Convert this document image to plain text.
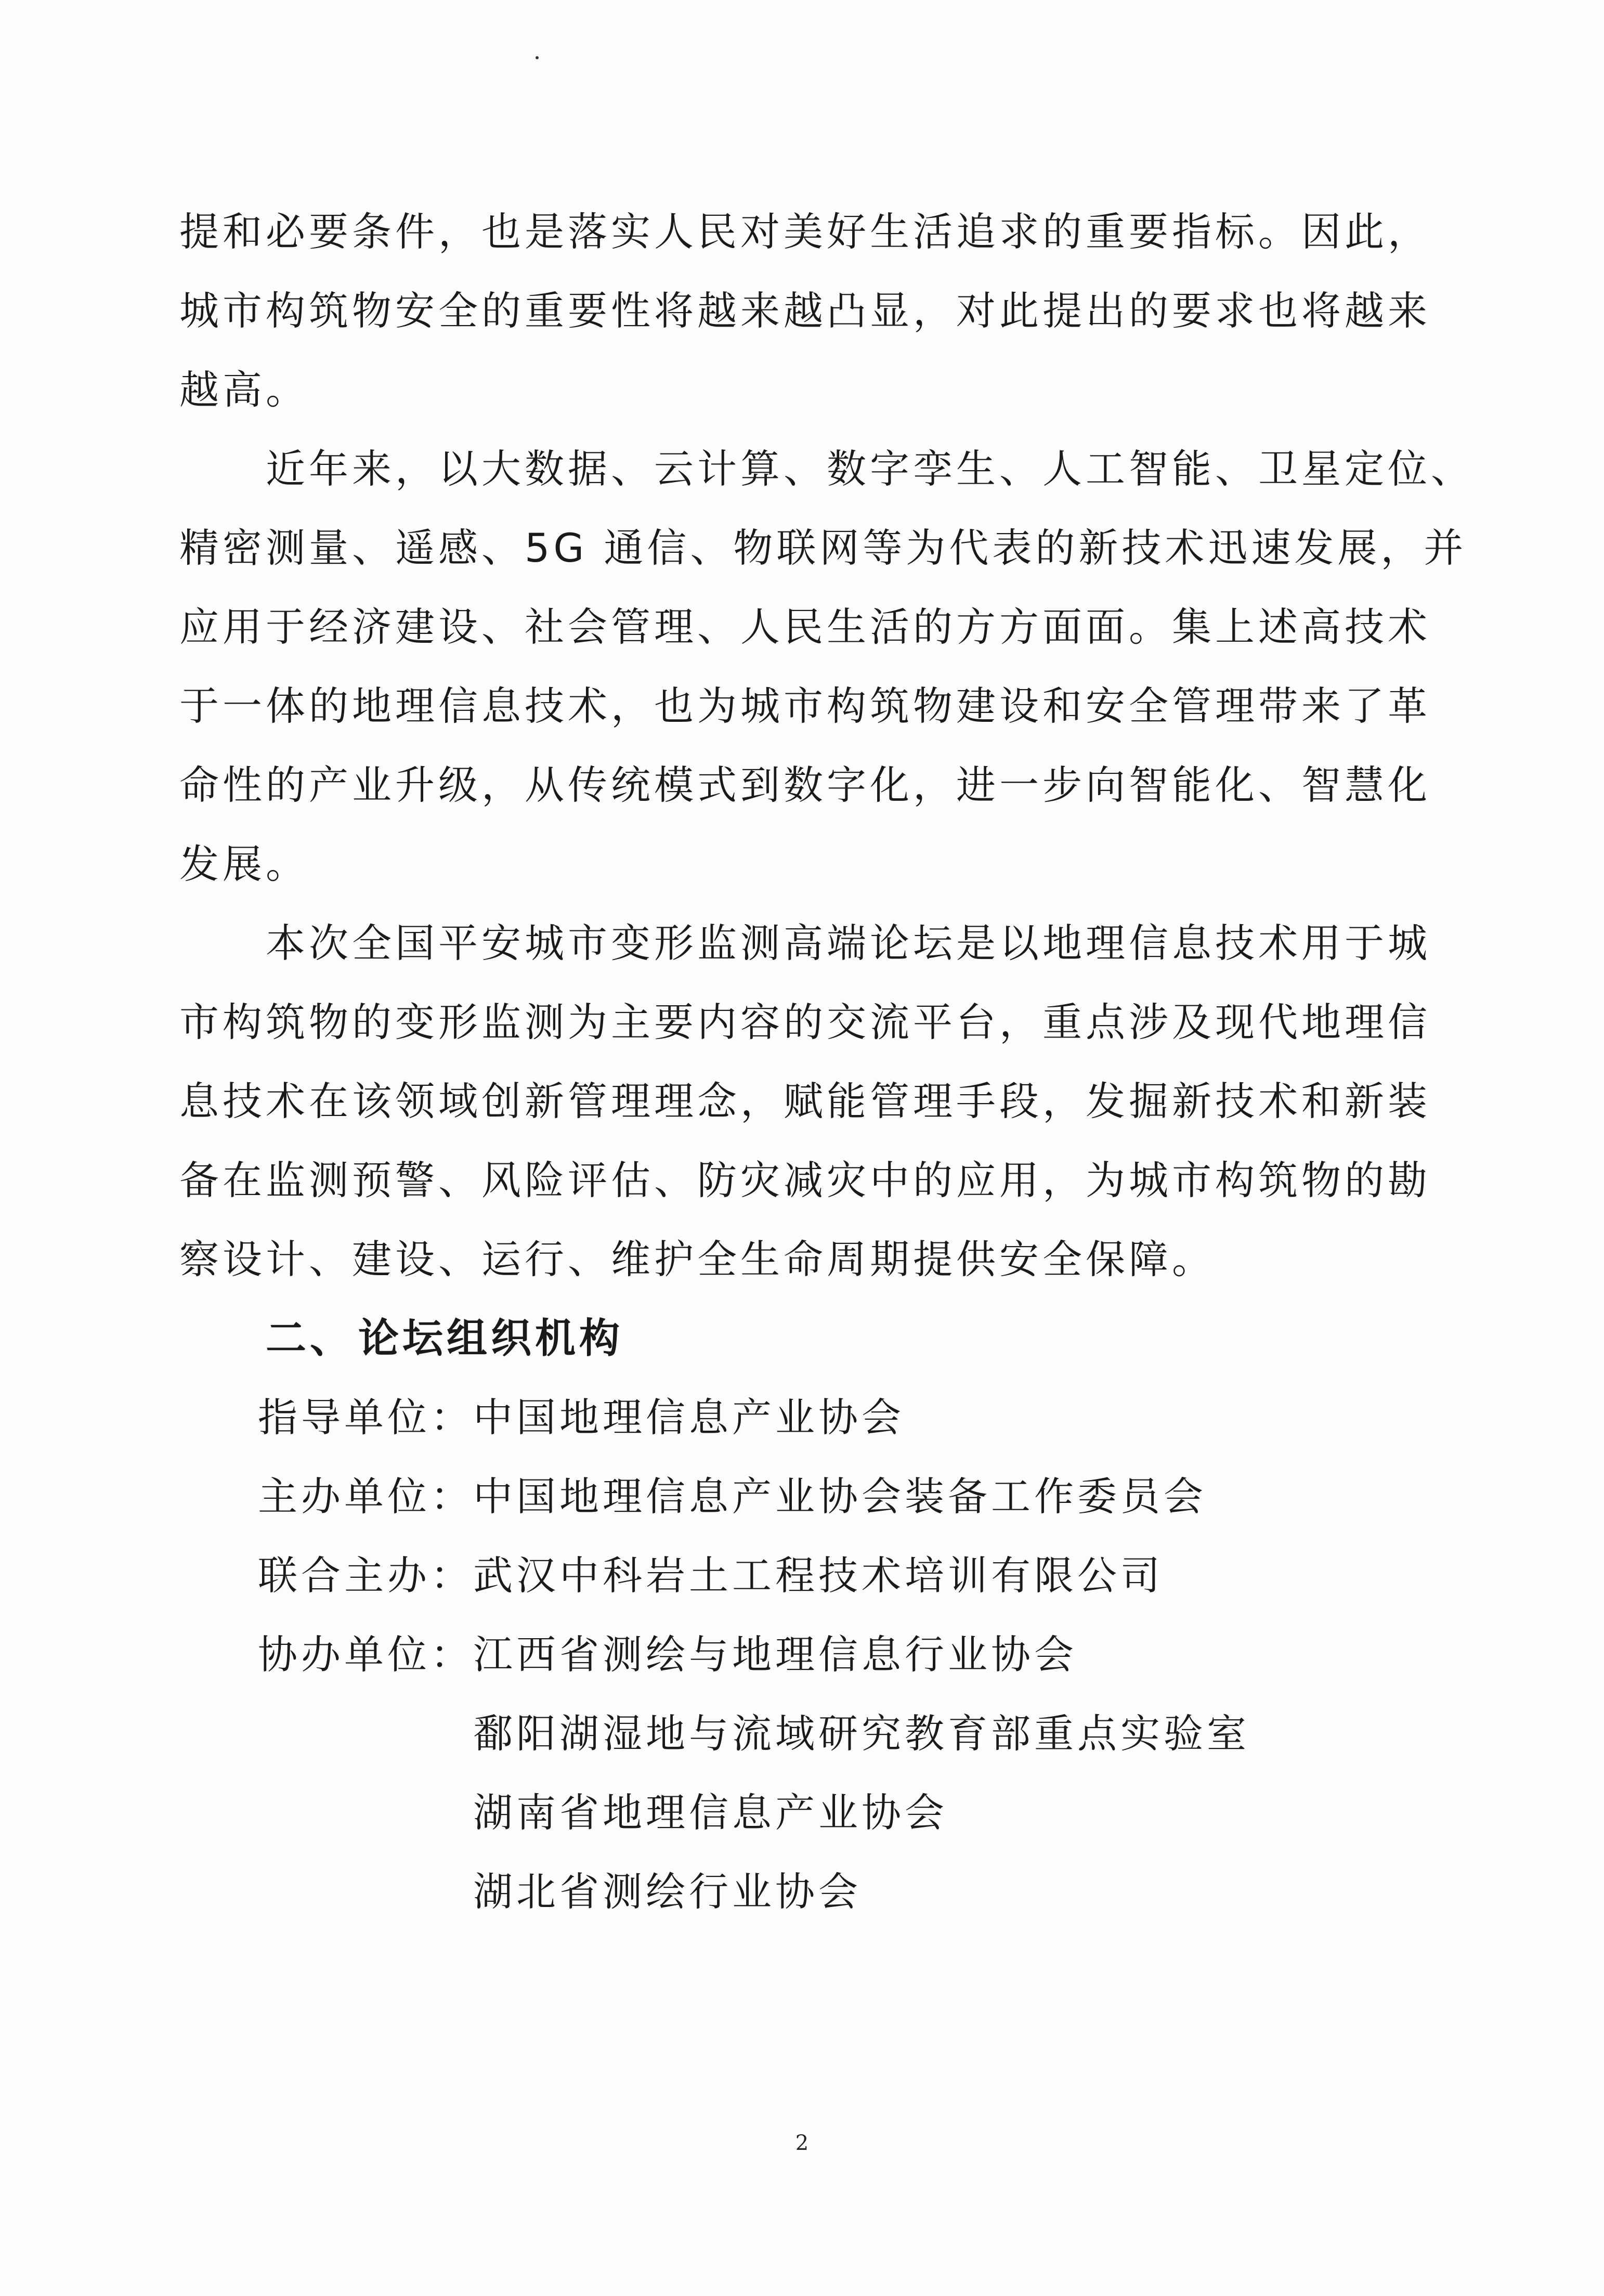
提和必要条件，也是落实人民对美好生活追求的重要指标。因此，
城市构筑物安全的重要性将越来越凸显，对此提出的要求也将越来
越高。
近年来，以大数据、云计算、数字孪生、人工智能、卫星定位、
精密测量、遥感、5G 通信、物联网等为代表的新技术迅速发展，并
应用于经济建设、社会管理、人民生活的方方面面。集上述高技术
于一体的地理信息技术，也为城市构筑物建设和安全管理带来了革
命性的产业升级，从传统模式到数字化，进一步向智能化、智慧化
发展。
本次全国平安城市变形监测高端论坛是以地理信息技术用于城
市构筑物的变形监测为主要内容的交流平台，重点涉及现代地理信
息技术在该领域创新管理理念，赋能管理手段，发掘新技术和新装
备在监测预警、风险评估、防灾减灾中的应用，为城市构筑物的勘
察设计、建设、运行、维护全生命周期提供安全保障。
二、 论坛组织机构
指导单位：中国地理信息产业协会
主办单位：中国地理信息产业协会装备工作委员会
联合主办：武汉中科岩土工程技术培训有限公司
协办单位：江西省测绘与地理信息行业协会
鄱阳湖湿地与流域研究教育部重点实验室
湖南省地理信息产业协会
湖北省测绘行业协会
2
